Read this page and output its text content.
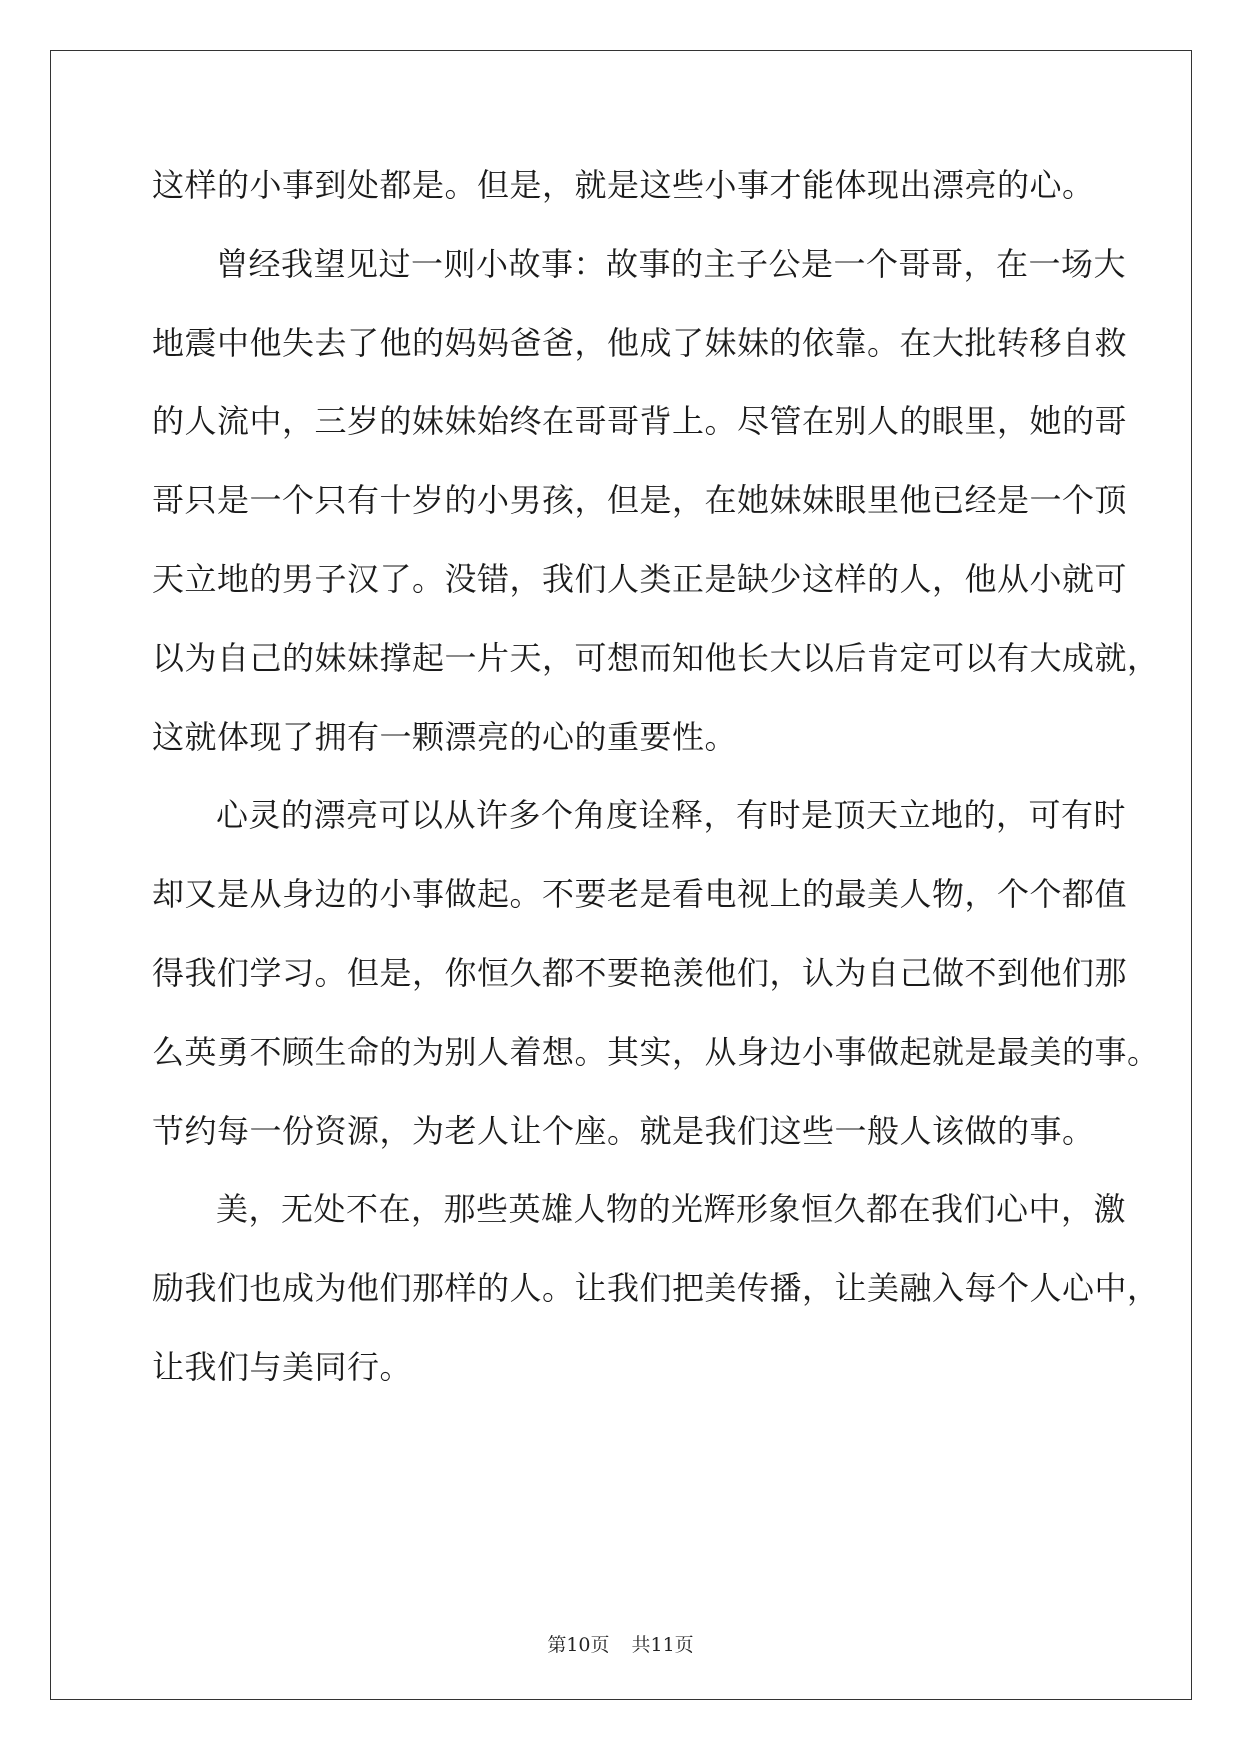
这样的小事到处都是。但是，就是这些小事才能体现出漂亮的心。
曾经我望见过一则小故事：故事的主子公是一个哥哥，在一场大
地震中他失去了他的妈妈爸爸，他成了妹妹的依靠。在大批转移自救
的人流中，三岁的妹妹始终在哥哥背上。尽管在别人的眼里，她的哥
哥只是一个只有十岁的小男孩，但是，在她妹妹眼里他已经是一个顶
天立地的男子汉了。没错，我们人类正是缺少这样的人，他从小就可
以为自己的妹妹撑起一片天，可想而知他长大以后肯定可以有大成就，
这就体现了拥有一颗漂亮的心的重要性。
心灵的漂亮可以从许多个角度诠释，有时是顶天立地的，可有时
却又是从身边的小事做起。不要老是看电视上的最美人物，个个都值
得我们学习。但是，你恒久都不要艳羡他们，认为自己做不到他们那
么英勇不顾生命的为别人着想。其实，从身边小事做起就是最美的事。
节约每一份资源，为老人让个座。就是我们这些一般人该做的事。
美，无处不在，那些英雄人物的光辉形象恒久都在我们心中，激
励我们也成为他们那样的人。让我们把美传播，让美融入每个人心中，
让我们与美同行。
第10页 共11页
